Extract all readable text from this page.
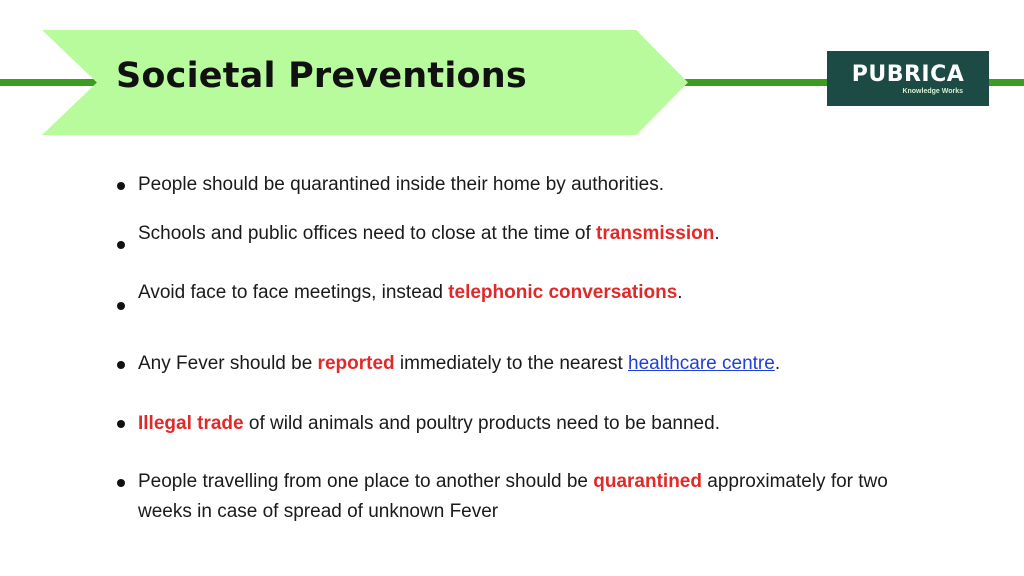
Societal Preventions	PUBRICA
Knowledge Works
People should be quarantined inside their home by authorities.
Schools and public offices need to close at the time of transmission.
Avoid face to face meetings, instead telephonic conversations.
Any Fever should be reported immediately to the nearest healthcare centre.
Illegal trade of wild animals and poultry products need to be banned.
People travelling from one place to another should be quarantined approximately for two weeks in case of spread of unknown Fever
